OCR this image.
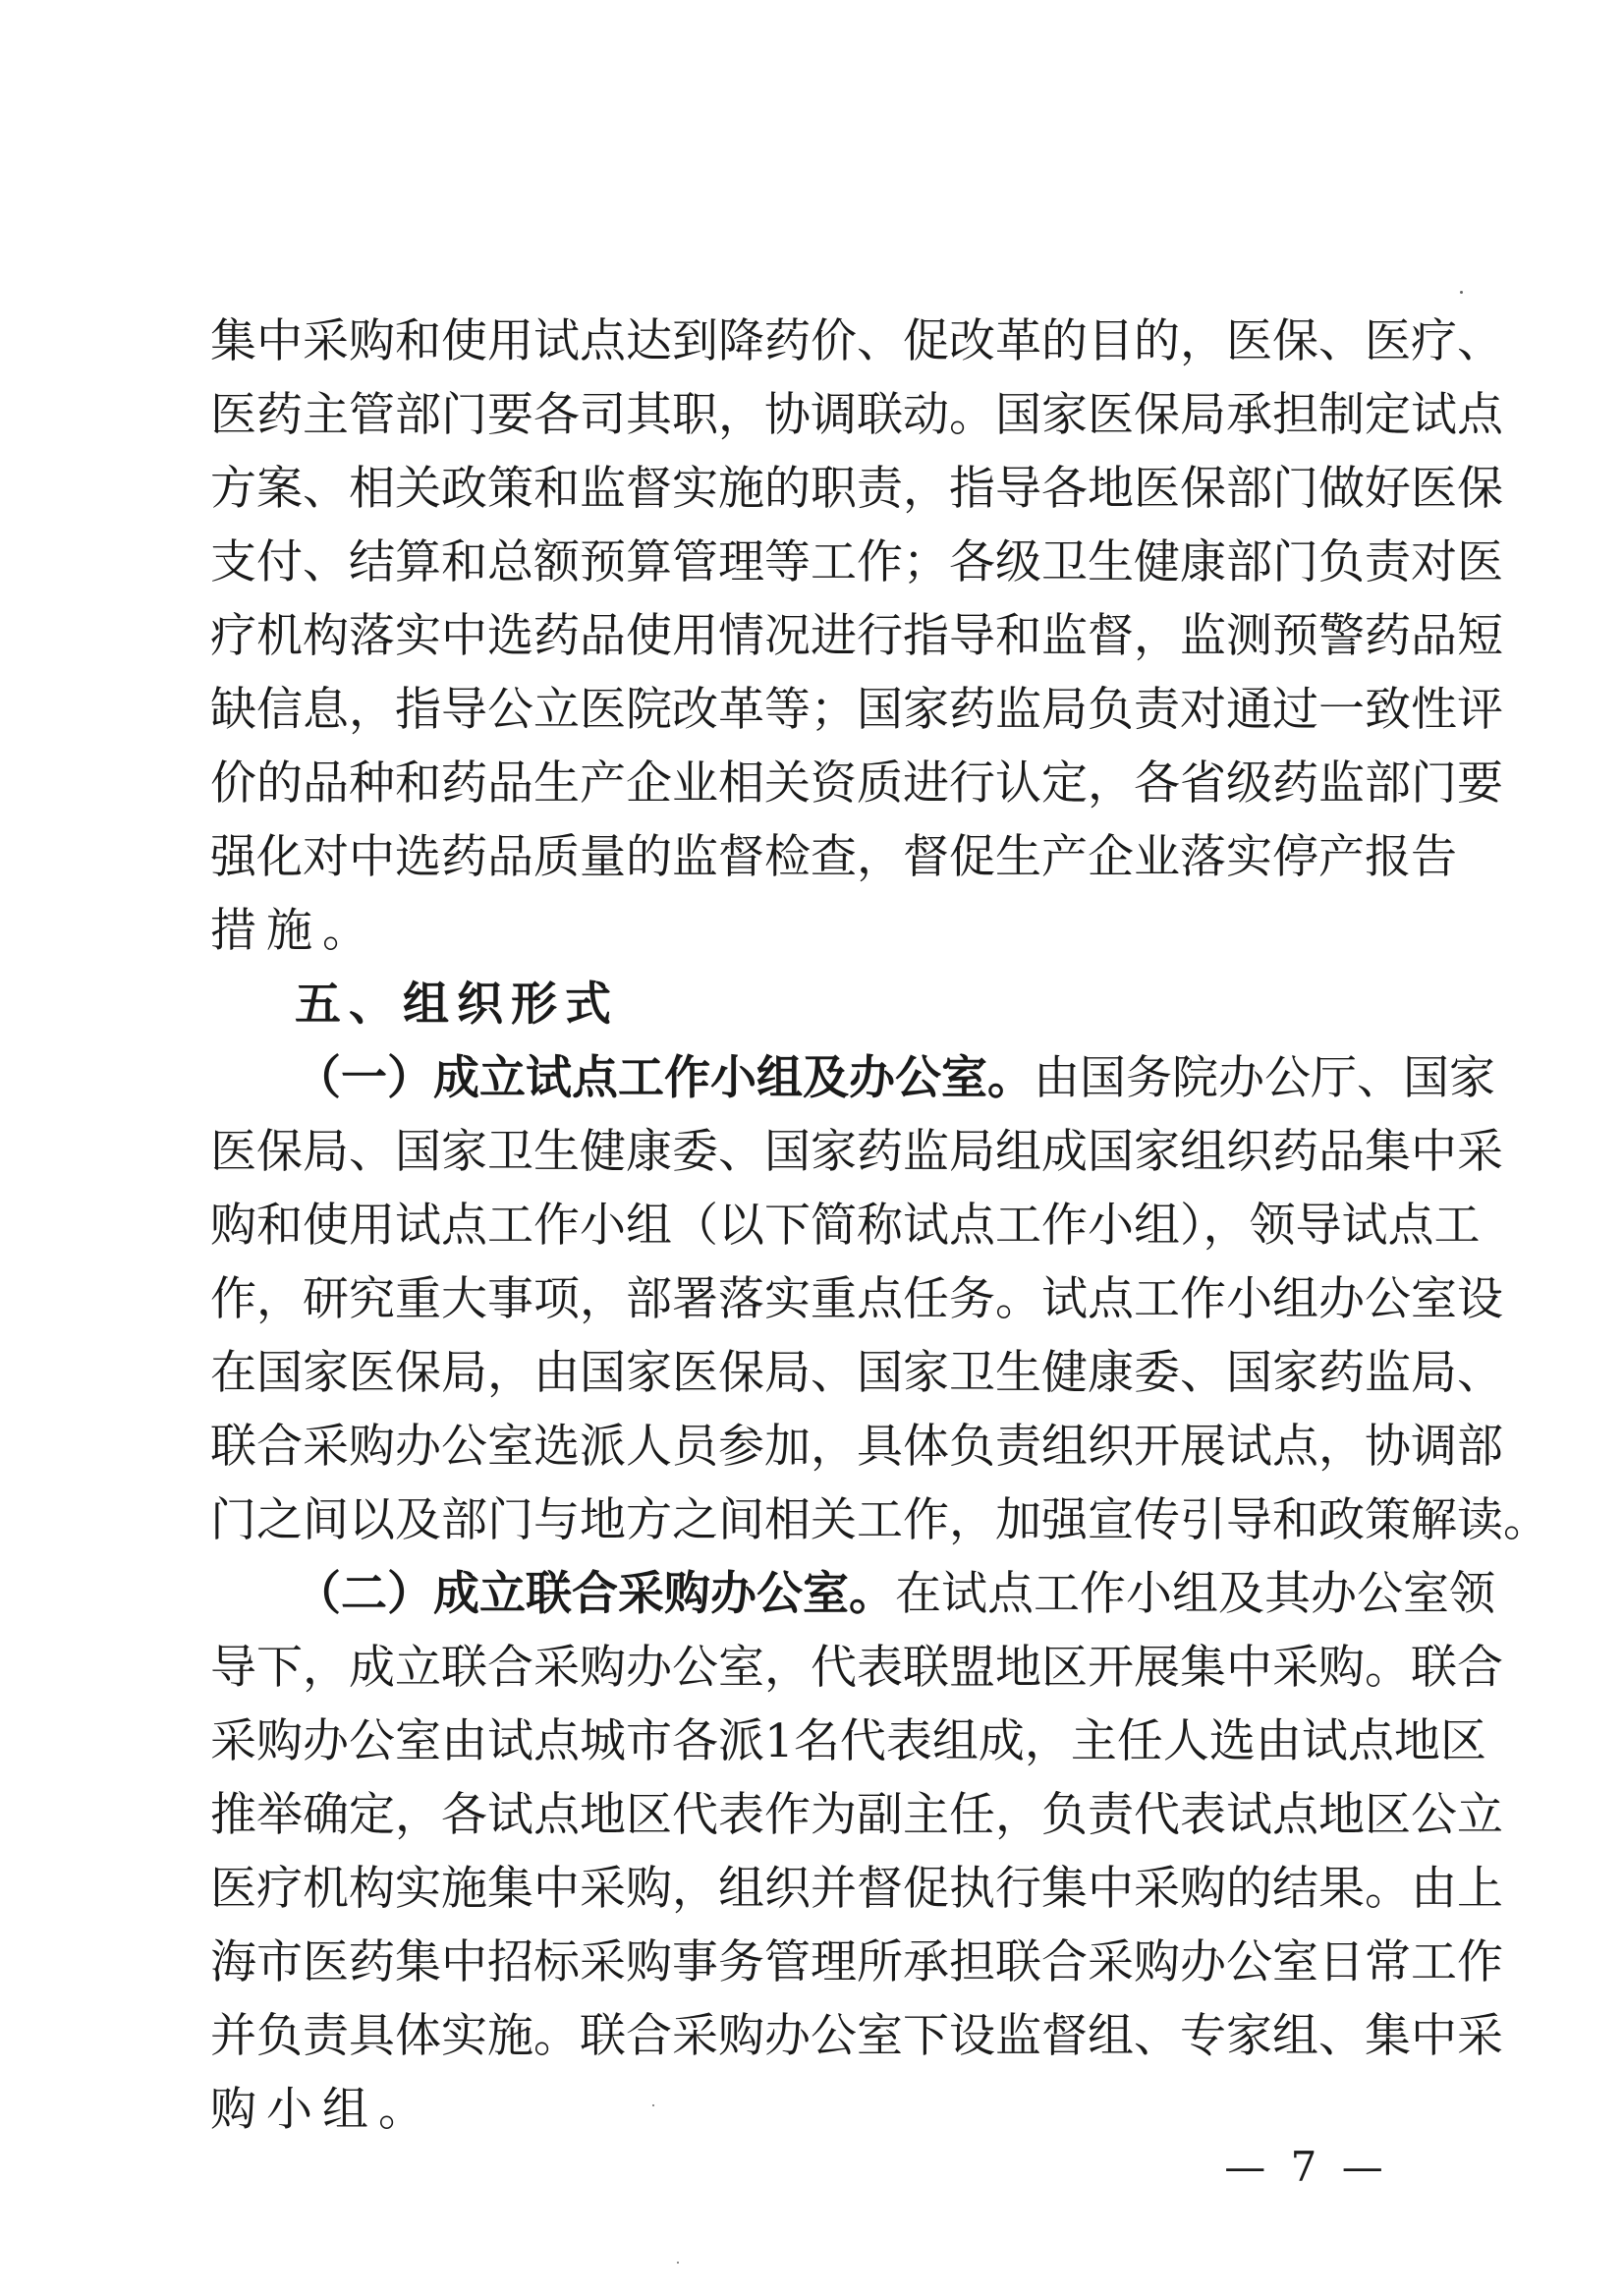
集中采购和使用试点达到降药价、促改革的目的，医保、医疗、
医药主管部门要各司其职，协调联动。国家医保局承担制定试点
方案、相关政策和监督实施的职责，指导各地医保部门做好医保
支付、结算和总额预算管理等工作；各级卫生健康部门负责对医
疗机构落实中选药品使用情况进行指导和监督，监测预警药品短
缺信息，指导公立医院改革等；国家药监局负责对通过一致性评
价的品种和药品生产企业相关资质进行认定，各省级药监部门要
强化对中选药品质量的监督检查，督促生产企业落实停产报告
措施。
五、组织形式
（一）成立试点工作小组及办公室。由国务院办公厅、国家
医保局、国家卫生健康委、国家药监局组成国家组织药品集中采
购和使用试点工作小组（以下简称试点工作小组），领导试点工
作，研究重大事项，部署落实重点任务。试点工作小组办公室设
在国家医保局，由国家医保局、国家卫生健康委、国家药监局、
联合采购办公室选派人员参加，具体负责组织开展试点，协调部
门之间以及部门与地方之间相关工作，加强宣传引导和政策解读。
（二）成立联合采购办公室。在试点工作小组及其办公室领
导下，成立联合采购办公室，代表联盟地区开展集中采购。联合
采购办公室由试点城市各派1名代表组成，主任人选由试点地区
推举确定，各试点地区代表作为副主任，负责代表试点地区公立
医疗机构实施集中采购，组织并督促执行集中采购的结果。由上
海市医药集中招标采购事务管理所承担联合采购办公室日常工作
并负责具体实施。联合采购办公室下设监督组、专家组、集中采
购小组。
— 7 —
